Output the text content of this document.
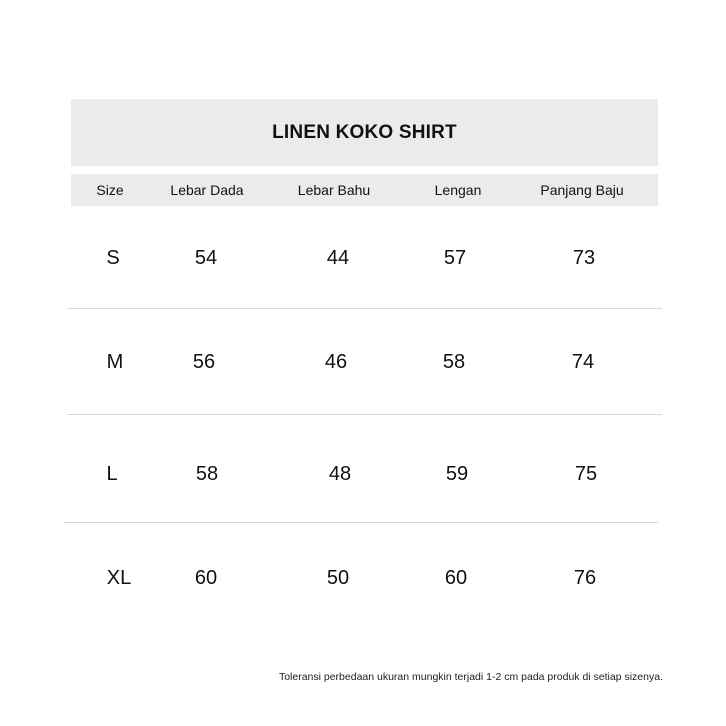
LINEN KOKO SHIRT
Size	Lebar Dada	Lebar Bahu	Lengan	Panjang Baju
S	54	44	57	73
M	56	46	58	74
L	58	48	59	75
XL	60	50	60	76
Toleransi perbedaan ukuran mungkin terjadi 1-2 cm pada produk di setiap sizenya.
